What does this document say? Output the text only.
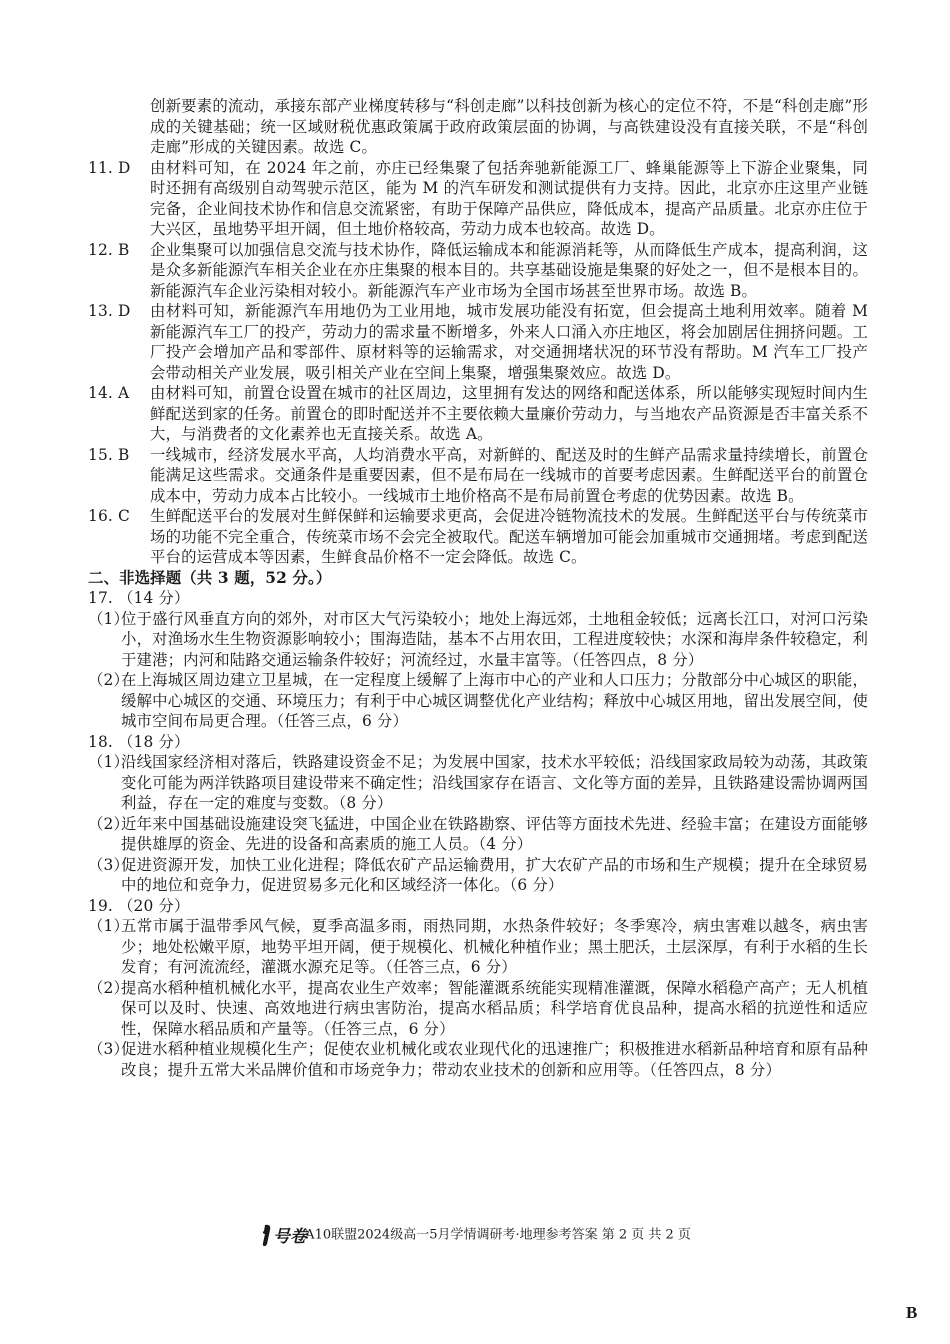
创新要素的流动，承接东部产业梯度转移与“科创走廊”以科技创新为核心的定位不符，不是“科创走廊”形成的关键基础；统一区域财税优惠政策属于政府政策层面的协调，与高铁建设没有直接关联，不是“科创走廊”形成的关键因素。故选 C。
11. D 由材料可知，在 2024 年之前，亦庄已经集聚了包括奔驰新能源工厂、蜂巢能源等上下游企业聚集，同时还拥有高级别自动驾驶示范区，能为 M 的汽车研发和测试提供有力支持。因此，北京亦庄这里产业链完备，企业间技术协作和信息交流紧密，有助于保障产品供应，降低成本，提高产品质量。北京亦庄位于大兴区，虽地势平坦开阔，但土地价格较高，劳动力成本也较高。故选 D。
12. B 企业集聚可以加强信息交流与技术协作，降低运输成本和能源消耗等，从而降低生产成本，提高利润，这是众多新能源汽车相关企业在亦庄集聚的根本目的。共享基础设施是集聚的好处之一，但不是根本目的。新能源汽车企业污染相对较小。新能源汽车产业市场为全国市场甚至世界市场。故选 B。
13. D 由材料可知，新能源汽车用地仍为工业用地，城市发展功能没有拓宽，但会提高土地利用效率。随着 M 新能源汽车工厂的投产，劳动力的需求量不断增多，外来人口涌入亦庄地区，将会加剧居住拥挤问题。工厂投产会增加产品和零部件、原材料等的运输需求，对交通拥堵状况的环节没有帮助。M 汽车工厂投产会带动相关产业发展，吸引相关产业在空间上集聚，增强集聚效应。故选 D。
14. A 由材料可知，前置仓设置在城市的社区周边，这里拥有发达的网络和配送体系，所以能够实现短时间内生鲜配送到家的任务。前置仓的即时配送并不主要依赖大量廉价劳动力，与当地农产品资源是否丰富关系不大，与消费者的文化素养也无直接关系。故选 A。
15. B 一线城市，经济发展水平高，人均消费水平高，对新鲜的、配送及时的生鲜产品需求量持续增长，前置仓能满足这些需求。交通条件是重要因素，但不是布局在一线城市的首要考虑因素。生鲜配送平台的前置仓成本中，劳动力成本占比较小。一线城市土地价格高不是布局前置仓考虑的优势因素。故选 B。
16. C 生鲜配送平台的发展对生鲜保鲜和运输要求更高，会促进冷链物流技术的发展。生鲜配送平台与传统菜市场的功能不完全重合，传统菜市场不会完全被取代。配送车辆增加可能会加重城市交通拥堵。考虑到配送平台的运营成本等因素，生鲜食品价格不一定会降低。故选 C。
二、非选择题（共 3 题，52 分。）
17. （14 分）
（1）
位于盛行风垂直方向的郊外，对市区大气污染较小；地处上海远郊，土地租金较低；远离长江口，对河口污染小，对渔场水生生物资源影响较小；围海造陆，基本不占用农田，工程进度较快；水深和海岸条件较稳定，利于建港；内河和陆路交通运输条件较好；河流经过，水量丰富等。（任答四点，8 分）
（2）
在上海城区周边建立卫星城，在一定程度上缓解了上海市中心的产业和人口压力；分散部分中心城区的职能，缓解中心城区的交通、环境压力；有利于中心城区调整优化产业结构；释放中心城区用地，留出发展空间，使城市空间布局更合理。（任答三点，6 分）
18. （18 分）
（1）
沿线国家经济相对落后，铁路建设资金不足；为发展中国家，技术水平较低；沿线国家政局较为动荡，其政策变化可能为两洋铁路项目建设带来不确定性；沿线国家存在语言、文化等方面的差异，且铁路建设需协调两国利益，存在一定的难度与变数。（8 分）
（2）
近年来中国基础设施建设突飞猛进，中国企业在铁路勘察、评估等方面技术先进、经验丰富；在建设方面能够提供雄厚的资金、先进的设备和高素质的施工人员。（4 分）
（3）
促进资源开发，加快工业化进程；降低农矿产品运输费用，扩大农矿产品的市场和生产规模；提升在全球贸易中的地位和竞争力，促进贸易多元化和区域经济一体化。（6 分）
19. （20 分）
（1）
五常市属于温带季风气候，夏季高温多雨，雨热同期，水热条件较好；冬季寒冷，病虫害难以越冬，病虫害少；地处松嫩平原，地势平坦开阔，便于规模化、机械化种植作业；黑土肥沃，土层深厚，有利于水稻的生长发育；有河流流经，灌溉水源充足等。（任答三点，6 分）
（2）
提高水稻种植机械化水平，提高农业生产效率；智能灌溉系统能实现精准灌溉，保障水稻稳产高产；无人机植保可以及时、快速、高效地进行病虫害防治，提高水稻品质；科学培育优良品种，提高水稻的抗逆性和适应性，保障水稻品质和产量等。（任答三点，6 分）
（3）
促进水稻种植业规模化生产；促使农业机械化或农业现代化的迅速推广；积极推进水稻新品种培育和原有品种改良；提升五常大米品牌价值和市场竞争力；带动农业技术的创新和应用等。（任答四点，8 分）
号卷
·A10联盟2024级高一5月学情调研考·地理参考答案 第 2 页 共 2 页
B
